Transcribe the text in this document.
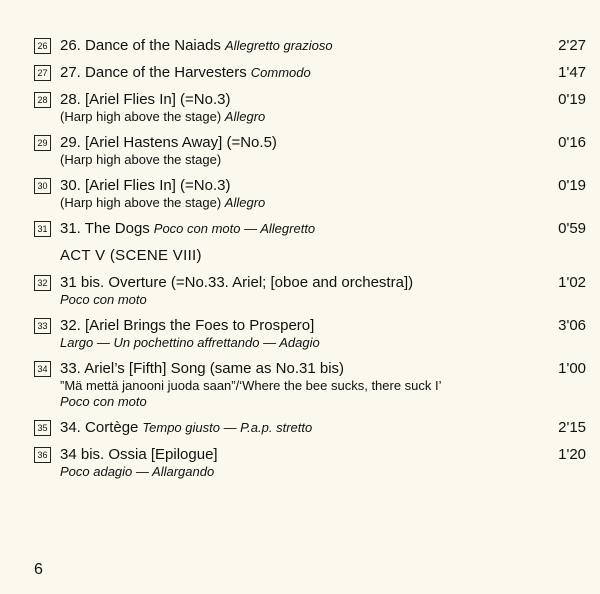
26 26. Dance of the Naiads Allegretto grazioso	2'27
27 27. Dance of the Harvesters Commodo	1'47
28 28. [Ariel Flies In] (=No.3)	0'19
(Harp high above the stage) Allegro
29 29. [Ariel Hastens Away] (=No.5)	0'16
(Harp high above the stage)
30 30. [Ariel Flies In] (=No.3)	0'19
(Harp high above the stage) Allegro
31 31. The Dogs Poco con moto — Allegretto	0'59
ACT V (SCENE VIII)
32 31 bis. Overture (=No.33. Ariel; [oboe and orchestra])	1'02
Poco con moto
33 32. [Ariel Brings the Foes to Prospero]	3'06
Largo — Un pochettino affrettando — Adagio
34 33. Ariel’s [Fifth] Song (same as No.31 bis)	1'00
”Mä mettä janooni juoda saan”/‘Where the bee sucks, there suck I’
Poco con moto
35 34. Cortège Tempo giusto — P.a.p. stretto	2'15
36 34 bis. Ossia [Epilogue]	1'20
Poco adagio — Allargando
6
